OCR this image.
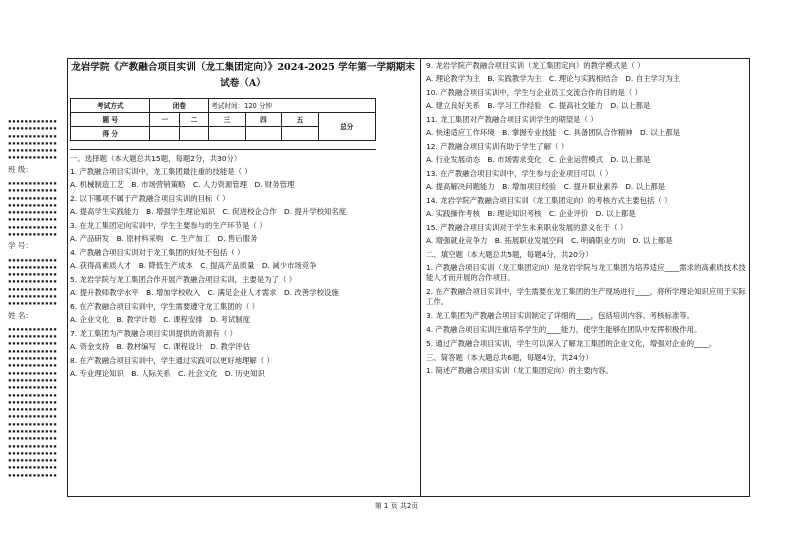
▪▪▪▪▪▪▪▪▪▪▪▪
▪▪▪▪▪▪▪▪▪▪▪▪
▪▪▪▪▪▪▪▪▪▪▪▪
▪▪▪▪▪▪▪▪▪▪▪▪
▪▪▪▪▪▪▪▪▪▪▪▪
▪▪▪▪▪▪▪▪▪▪▪▪
班 级：
▪▪▪▪▪▪▪▪▪▪▪▪
▪▪▪▪▪▪▪▪▪▪▪▪
▪▪▪▪▪▪▪▪▪▪▪▪
▪▪▪▪▪▪▪▪▪▪▪▪
▪▪▪▪▪▪▪▪▪▪▪▪
▪▪▪▪▪▪▪▪▪▪▪▪
▪▪▪▪▪▪▪▪▪▪▪▪
▪▪▪▪▪▪▪▪▪▪▪▪
学 号：
▪▪▪▪▪▪▪▪▪▪▪▪
▪▪▪▪▪▪▪▪▪▪▪▪
▪▪▪▪▪▪▪▪▪▪▪▪
▪▪▪▪▪▪▪▪▪▪▪▪
▪▪▪▪▪▪▪▪▪▪▪▪
▪▪▪▪▪▪▪▪▪▪▪▪
▪▪▪▪▪▪▪▪▪▪▪▪
姓 名：
▪▪▪▪▪▪▪▪▪▪▪▪
▪▪▪▪▪▪▪▪▪▪▪▪
▪▪▪▪▪▪▪▪▪▪▪▪
▪▪▪▪▪▪▪▪▪▪▪▪
▪▪▪▪▪▪▪▪▪▪▪▪
▪▪▪▪▪▪▪▪▪▪▪▪
▪▪▪▪▪▪▪▪▪▪▪▪
▪▪▪▪▪▪▪▪▪▪▪▪
▪▪▪▪▪▪▪▪▪▪▪▪
▪▪▪▪▪▪▪▪▪▪▪▪
▪▪▪▪▪▪▪▪▪▪▪▪
▪▪▪▪▪▪▪▪▪▪▪▪
▪▪▪▪▪▪▪▪▪▪▪▪
▪▪▪▪▪▪▪▪▪▪▪▪
▪▪▪▪▪▪▪▪▪▪▪▪
▪▪▪▪▪▪▪▪▪▪▪▪
▪▪▪▪▪▪▪▪▪▪▪▪
▪▪▪▪▪▪▪▪▪▪▪▪
▪▪▪▪▪▪▪▪▪▪▪▪
▪▪▪▪▪▪▪▪▪▪▪▪
▪▪▪▪▪▪▪▪▪▪▪▪
龙岩学院《产教融合项目实训（龙工集团定向）》2024-2025 学年第一学期期末试卷（A）
考试方式	闭卷		考试时间：120 分钟			
题 号	一	二	三	四	五	总分
得 分						
一、选择题（本大题总共15题，每题2分，共30分）
1. 产教融合项目实训中，龙工集团最注重的技能是（ ）
A. 机械制造工艺　B. 市场营销策略　C. 人力资源管理　D. 财务管理
2. 以下哪项不属于产教融合项目实训的目标（ ）
A. 提高学生实践能力　B. 增强学生理论知识　C. 促进校企合作　D. 提升学校知名度
3. 在龙工集团定向实训中，学生主要参与的生产环节是（ ）
A. 产品研发　B. 原材料采购　C. 生产加工　D. 售后服务
4. 产教融合项目实训对于龙工集团的好处不包括（ ）
A. 获得高素质人才　B. 降低生产成本　C. 提高产品质量　D. 减少市场竞争
5. 龙岩学院与龙工集团合作开展产教融合项目实训，主要是为了（ ）
A. 提升教师教学水平　B. 增加学校收入　C. 满足企业人才需求　D. 改善学校设施
6. 在产教融合项目实训中，学生需要遵守龙工集团的（ ）
A. 企业文化　B. 教学计划　C. 课程安排　D. 考试制度
7. 龙工集团为产教融合项目实训提供的资源有（ ）
A. 资金支持　B. 教材编写　C. 课程设计　D. 教学评估
8. 在产教融合项目实训中，学生通过实践可以更好地理解（ ）
A. 专业理论知识　B. 人际关系　C. 社会文化　D. 历史知识
9. 龙岩学院产教融合项目实训（龙工集团定向）的教学模式是（ ）
A. 理论教学为主　B. 实践教学为主　C. 理论与实践相结合　D. 自主学习为主
10. 产教融合项目实训中，学生与企业员工交流合作的目的是（ ）
A. 建立良好关系　B. 学习工作经验　C. 提高社交能力　D. 以上都是
11. 龙工集团对产教融合项目实训学生的期望是（ ）
A. 快速适应工作环境　B. 掌握专业技能　C. 具备团队合作精神　D. 以上都是
12. 产教融合项目实训有助于学生了解（ ）
A. 行业发展动态　B. 市场需求变化　C. 企业运营模式　D. 以上都是
13. 在产教融合项目实训中，学生参与企业项目可以（ ）
A. 提高解决问题能力　B. 增加项目经验　C. 提升职业素养　D. 以上都是
14. 龙岩学院产教融合项目实训（龙工集团定向）的考核方式主要包括（ ）
A. 实践操作考核　B. 理论知识考核　C. 企业评价　D. 以上都是
15. 产教融合项目实训对于学生未来职业发展的意义在于（ ）
A. 增强就业竞争力　B. 拓展职业发展空间　C. 明确职业方向　D. 以上都是
二、填空题（本大题总共5题，每题4分，共20分）
1. 产教融合项目实训（龙工集团定向）是龙岩学院与龙工集团为培养适应____需求的高素质技术技能人才而开展的合作项目。
2. 在产教融合项目实训中，学生需要在龙工集团的生产现场进行____，将所学理论知识应用于实际工作。
3. 龙工集团为产教融合项目实训制定了详细的____，包括培训内容、考核标准等。
4. 产教融合项目实训注重培养学生的____能力，使学生能够在团队中发挥积极作用。
5. 通过产教融合项目实训，学生可以深入了解龙工集团的企业文化，增强对企业的____。
三、简答题（本大题总共6题，每题4分，共24分）
1. 简述产教融合项目实训（龙工集团定向）的主要内容。
第 1 页 共2页
